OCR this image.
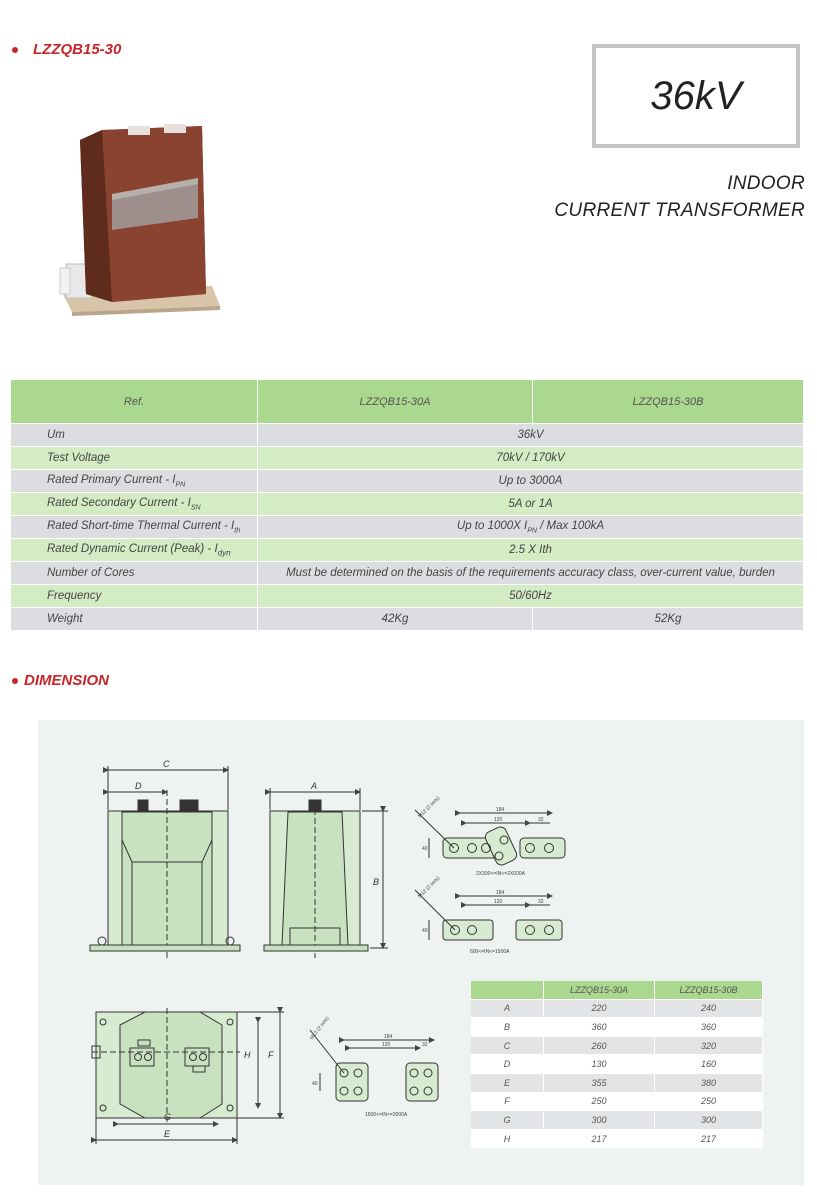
LZZQB15-30
36kV
INDOOR
CURRENT TRANSFORMER
Ref.	LZZQB15-30A	LZZQB15-30B
Um	36kV	
Test Voltage	70kV / 170kV	
Rated Primary Current - $I_{PN}$	Up to 3000A	
Rated Secondary Current - $I_{SN}$	5A or 1A	
Rated Short-time Thermal Current - $I_{th}$	Up to 1000X $I_{PN}$ / Max 100kA	
Rated Dynamic Current (Peak) - $I_{dyn}$	2.5 X Ith	
Number of Cores	Must be determined on the basis of the requirements accuracy class, over-current value, burden	
Frequency	50/60Hz	
Weight	42Kg	52Kg
DIMENSION
C
D	A
B
G
E
H F
184
120	32
40
2X300<=IN<=2X600A
184
120	32
40
600<=IN<=1500A
184
120	32
40
1500<=IN<=3000A
M12 (2 sets)
M12 (2 sets)
M12 (2 sets)
	LZZQB15-30A	LZZQB15-30B
A	220	240
B	360	360
C	260	320
D	130	160
E	355	380
F	250	250
G	300	300
H	217	217
